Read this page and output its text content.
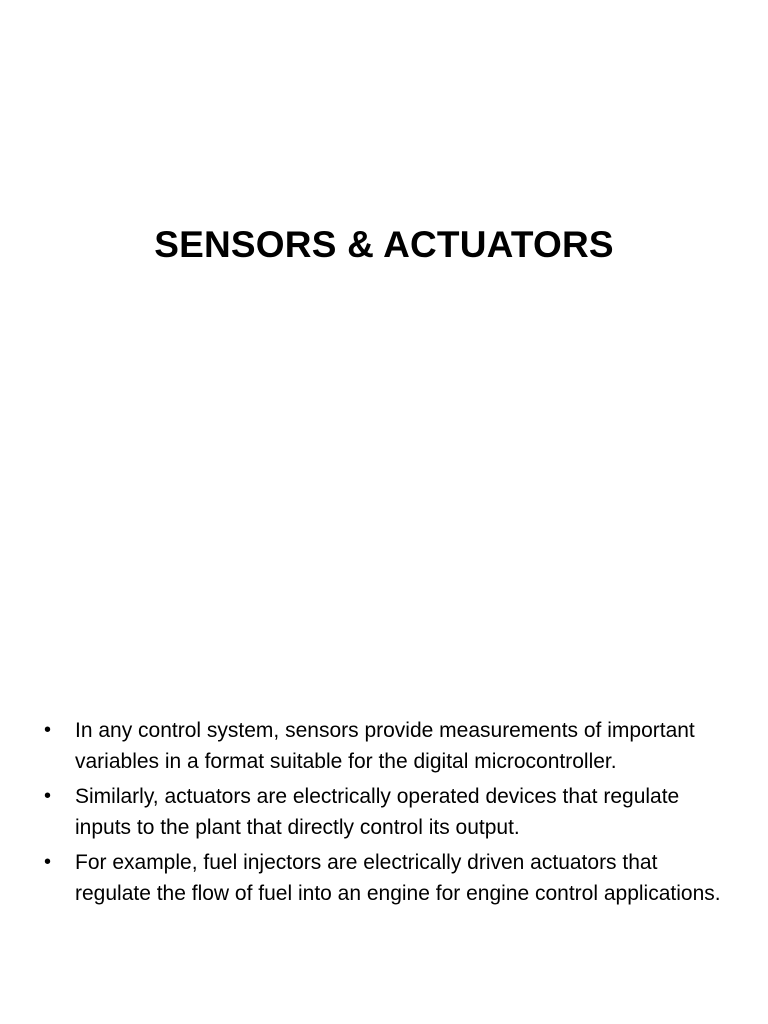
SENSORS & ACTUATORS
• In any control system, sensors provide measurements of important variables in a format suitable for the digital microcontroller.
• Similarly, actuators are electrically operated devices that regulate inputs to the plant that directly control its output.
• For example, fuel injectors are electrically driven actuators that regulate the flow of fuel into an engine for engine control applications.
